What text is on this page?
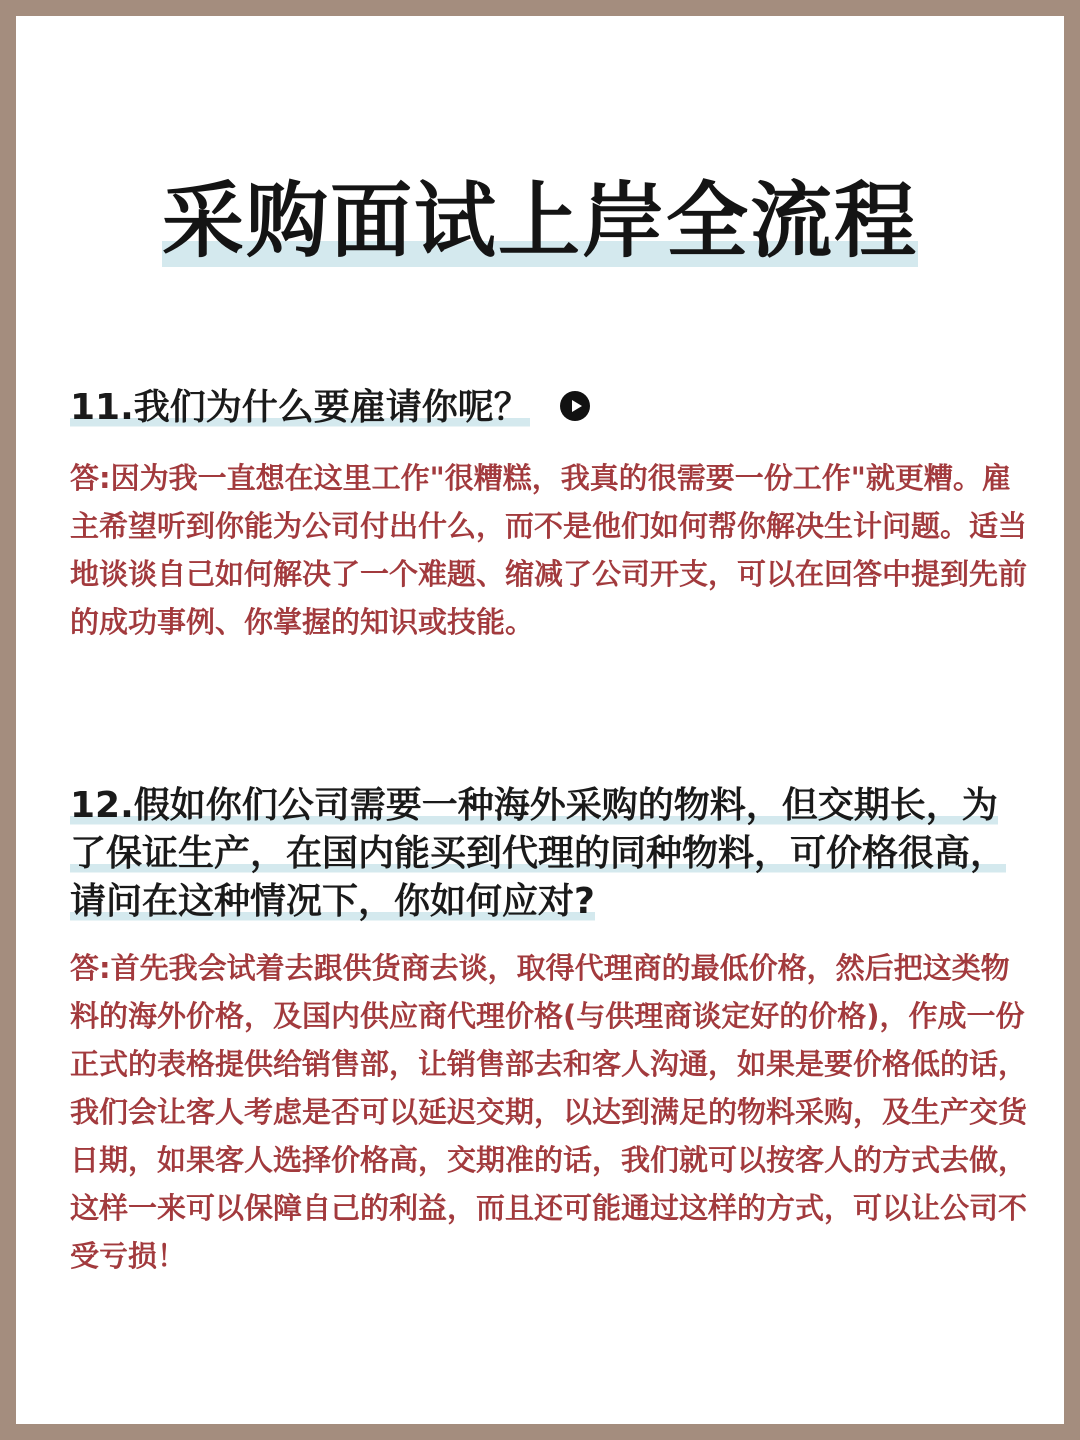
采购面试上岸全流程

11.我们为什么要雇请你呢？

答:因为我一直想在这里工作"很糟糕，我真的很需要一份工作"就更糟。雇主希望听到你能为公司付出什么，而不是他们如何帮你解决生计问题。适当地谈谈自己如何解决了一个难题、缩减了公司开支，可以在回答中提到先前的成功事例、你掌握的知识或技能。

12.假如你们公司需要一种海外采购的物料，但交期长，为了保证生产，在国内能买到代理的同种物料，可价格很高，请问在这种情况下，你如何应对?

答:首先我会试着去跟供货商去谈，取得代理商的最低价格，然后把这类物料的海外价格，及国内供应商代理价格(与供理商谈定好的价格)，作成一份正式的表格提供给销售部，让销售部去和客人沟通，如果是要价格低的话，我们会让客人考虑是否可以延迟交期，以达到满足的物料采购，及生产交货日期，如果客人选择价格高，交期准的话，我们就可以按客人的方式去做，这样一来可以保障自己的利益，而且还可能通过这样的方式，可以让公司不受亏损！
